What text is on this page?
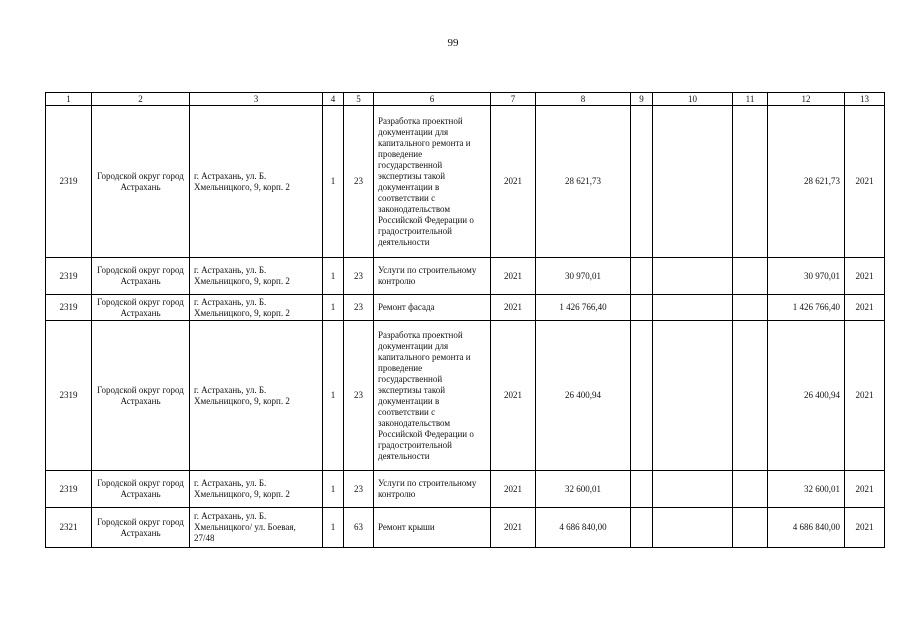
99
1	2	3	4	5	6	7	8	9	10	11	12	13
2319	Городской округ город Астрахань	г. Астрахань, ул. Б. Хмельницкого, 9, корп. 2	1	23	Разработка проектной документации для капитального ремонта и проведение государственной экспертизы такой документации в соответствии с законодательством Российской Федерации о градостроительной деятельности	2021	28 621,73				28 621,73	2021
2319	Городской округ город Астрахань	г. Астрахань, ул. Б. Хмельницкого, 9, корп. 2	1	23	Услуги по строительному контролю	2021	30 970,01				30 970,01	2021
2319	Городской округ город Астрахань	г. Астрахань, ул. Б. Хмельницкого, 9, корп. 2	1	23	Ремонт фасада	2021	1 426 766,40				1 426 766,40	2021
2319	Городской округ город Астрахань	г. Астрахань, ул. Б. Хмельницкого, 9, корп. 2	1	23	Разработка проектной документации для капитального ремонта и проведение государственной экспертизы такой документации в соответствии с законодательством Российской Федерации о градостроительной деятельности	2021	26 400,94				26 400,94	2021
2319	Городской округ город Астрахань	г. Астрахань, ул. Б. Хмельницкого, 9, корп. 2	1	23	Услуги по строительному контролю	2021	32 600,01				32 600,01	2021
2321	Городской округ город Астрахань	г. Астрахань, ул. Б. Хмельницкого/ ул. Боевая, 27/48	1	63	Ремонт крыши	2021	4 686 840,00				4 686 840,00	2021
